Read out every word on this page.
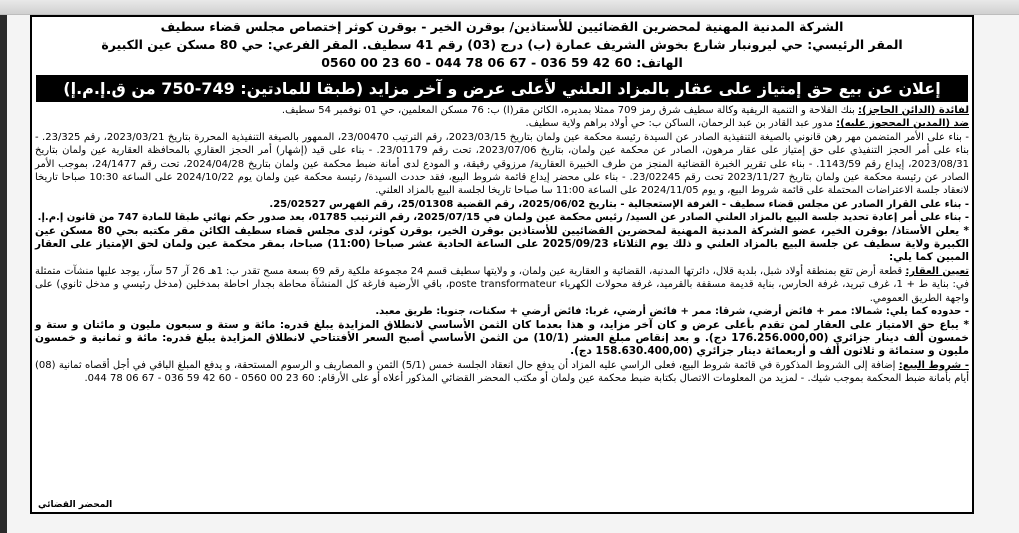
الشركة المدنية المهنية لمحضرين القضائيين للأستاذين/ بوقرن الخير - بوقرن كوثر إختصاص مجلس قضاء سطيف
المقر الرئيسي: حي ليرونبار شارع بخوش الشريف عمارة (ب) درج (03) رقم 41 سطيف. المقر الفرعي: حي 80 مسكن عين الكبيرة
الهاتف: 60 42 59 036 - 67 06 78 044 - 60 23 00 0560
إعلان عن بيع حق إمتياز على عقار بالمزاد العلني لأعلى عرض و آخر مزايد (طبقا للمادتين: 749-750 من ق.إ.م.إ)

لفائدة (الدائن الحاجز): بنك الفلاحة و التنمية الريفية وكالة سطيف شرق رمز 709 ممثلا بمديره، الكائن مقر(ا) ب: 76 مسكن المعلمين، حي 01 نوفمبر 54 سطيف.

ضد (المدين المحجوز عليه): مدور عبد القادر بن عبد الرحمان، الساكن ب: حي أولاد براهم ولاية سطيف.

- بناء على الأمر المتضمن مهر رهن قانوني بالصيغة التنفيذية الصادر عن السيدة رئيسة محكمة عين ولمان بتاريخ 2023/03/15، رقم الترتيب 23/00470، الممهور بالصيغة التنفيذية المحررة بتاريخ 2023/03/21، رقم 23/325. - بناء على أمر الحجز التنفيذي على حق إمتياز على عقار مرهون، الصادر عن محكمة عين ولمان، بتاريخ 2023/07/06، تحت رقم 23/01179. - بناء على قيد (إشهار) أمر الحجز العقاري بالمحافظة العقارية عين ولمان بتاريخ 2023/08/31، إيداع رقم 1143/59. - بناء على تقرير الخبرة القضائية المنجز من طرف الخبيرة العقارية/ مرزوقي رفيقة، و المودع لدى أمانة ضبط محكمة عين ولمان بتاريخ 2024/04/28، تحت رقم 24/1477، بموجب الأمر الصادر عن رئيسة محكمة عين ولمان بتاريخ 2023/11/27 تحت رقم 23/02245. - بناء على محضر إيداع قائمة شروط البيع، فقد حددت السيدة/ رئيسة محكمة عين ولمان يوم 2024/10/22 على الساعة 10:30 صباحا تاريخا لانعقاد جلسة الاعتراضات المحتملة على قائمة شروط البيع، و يوم 2024/11/05 على الساعة 11:00 سا صباحا تاريخا لجلسة البيع بالمزاد العلني.

- بناء على القرار الصادر عن مجلس قضاء سطيف - الغرفة الإستعجالية - بتاريخ 2025/06/02، رقم القضية 25/01308، رقم الفهرس 25/02527.

- بناء على أمر إعادة تحديد جلسة البيع بالمزاد العلني الصادر عن السيد/ رئيس محكمة عين ولمان في 2025/07/15، رقم الترتيب 01785، بعد صدور حكم نهائي طبقا للمادة 747 من قانون إ.م.إ.

* يعلن الأستاذ/ بوقرن الخير، عضو الشركة المدنية المهنية لمحضرين القضائيين للأستاذين بوقرن الخير، بوقرن كوثر، لدى مجلس قضاء سطيف الكائن مقر مكتبه بحي 80 مسكن عين الكبيرة ولاية سطيف عن جلسة البيع بالمزاد العلني و ذلك يوم الثلاثاء 2025/09/23 على الساعة الحادية عشر صباحا (11:00) صباحا، بمقر محكمة عين ولمان لحق الإمتياز على العقار المبين كما يلي:

تعيين العقار: قطعة أرض تقع بمنطقة أولاد شبل، بلدية قلال، دائرتها المدنية، القضائية و العقارية عين ولمان، و ولايتها سطيف قسم 24 مجموعة ملكية رقم 69 بسعة مسح تقدر ب: 1هـ 26 آر 57 سآر، يوجد عليها منشآت متمثلة في: بناية ط + 1، غرف تبريد، غرفة الحارس، بناية قديمة مسقفة بالقرميد، غرفة محولات الكهرباء poste transformateur، باقي الأرضية فارغة كل المنشآة محاطة بجدار احاطة بمدخلين (مدخل رئيسي و مدخل ثانوي) على واجهة الطريق العمومي.

- حدوده كما يلي: شمالا: ممر + فائض أرضي، شرقا: ممر + فائض أرضي، غربا: فائض أرضي + سكنات، جنوبا: طريق معبد.

* يباع حق الامتياز على العقار لمن تقدم بأعلى عرض و كان آخر مزايد، و هذا بعدما كان الثمن الأساسي لانطلاق المزايدة يبلغ قدره: مائة و ستة و سبعون مليون و مائتان و ستة و خمسون ألف دينار جزائري (176.256.000,00 دج). و بعد إنقاص مبلغ العشر (10/1) من الثمن الأساسي أصبح السعر الأفتتاحي لانطلاق المزايدة يبلغ قدره: مائة و ثمانية و خمسون مليون و ستمائة و ثلاثون ألف و أربعمائة دينار جزائري (158.630.400,00 دج).

- شروط البيع: إضافة إلى الشروط المذكورة في قائمة شروط البيع، فعلى الراسي عليه المزاد أن يدفع حال انعقاد الجلسة خمس (5/1) الثمن و المصاريف و الرسوم المستحقة، و يدفع المبلغ الباقي في أجل أقصاه ثمانية (08) أيام بأمانة ضبط المحكمة بموجب شيك. - لمزيد من المعلومات الاتصال بكتابة ضبط محكمة عين ولمان أو مكتب المحضر القضائي المذكور أعلاه أو على الأرقام: 60 23 00 0560 - 60 42 59 036 - 67 06 78 044.

المحضر القضائي
